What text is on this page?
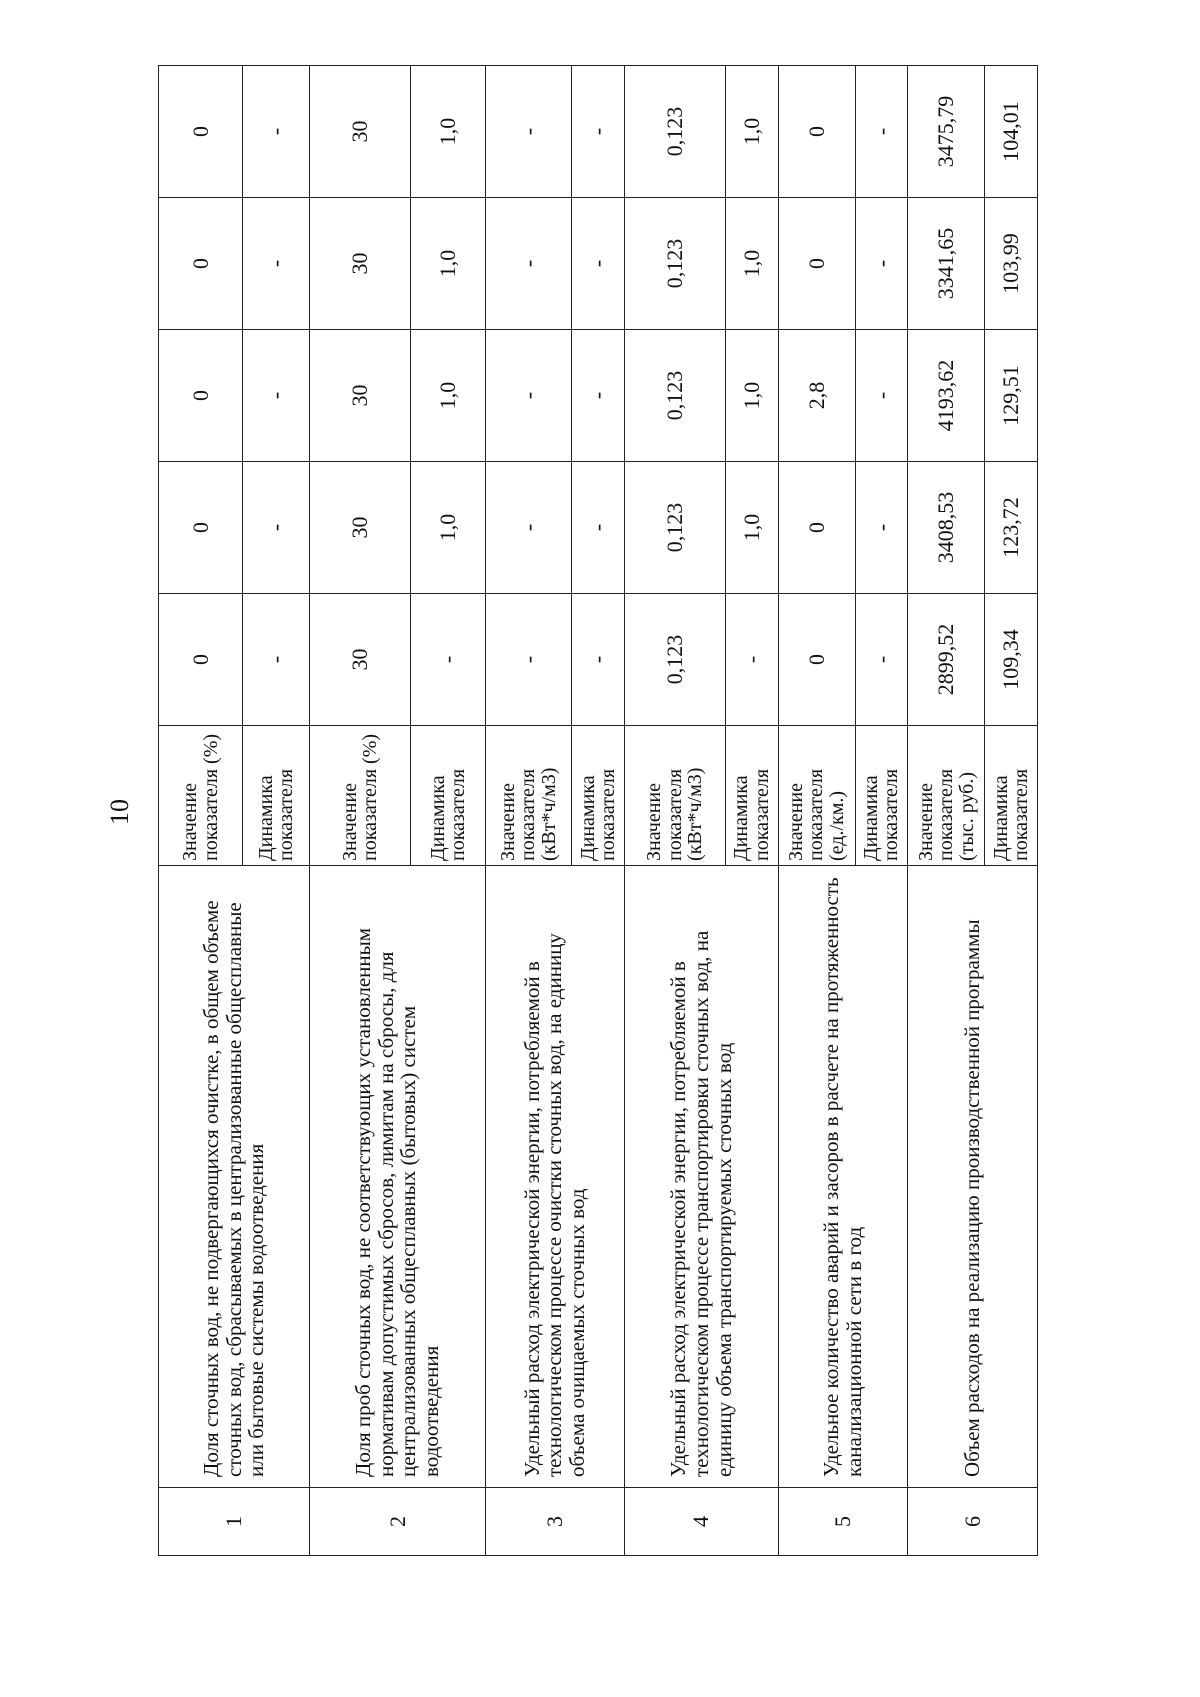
10
1	Доля сточных вод, не подвергающихся очистке, в общем объеме сточных вод, сбрасываемых в централизованные общесплавные или бытовые системы водоотведения	Значение показателя (%)	0	0	0	0	0
		Динамика показателя	-	-	-	-	-
2	Доля проб сточных вод, не соответствующих установленным нормативам допустимых сбросов, лимитам на сбросы, для централизованных общесплавных (бытовых) систем водоотведения	Значение показателя (%)	30	30	30	30	30
		Динамика показателя	-	1,0	1,0	1,0	1,0
3	Удельный расход электрической энергии, потребляемой в технологическом процессе очистки сточных вод, на единицу объема очищаемых сточных вод	Значение показателя (кВт*ч/м3)	-	-	-	-	-
		Динамика показателя	-	-	-	-	-
4	Удельный расход электрической энергии, потребляемой в технологическом процессе транспортировки сточных вод, на единицу объема транспортируемых сточных вод	Значение показателя (кВт*ч/м3)	0,123	0,123	0,123	0,123	0,123
		Динамика показателя	-	1,0	1,0	1,0	1,0
5	Удельное количество аварий и засоров в расчете на протяженность канализационной сети в год	Значение показателя (ед./км.)	0	0	2,8	0	0
		Динамика показателя	-	-	-	-	-
6	Объем расходов на реализацию производственной программы	Значение показателя (тыс. руб.)	2899,52	3408,53	4193,62	3341,65	3475,79
		Динамика показателя	109,34	123,72	129,51	103,99	104,01
